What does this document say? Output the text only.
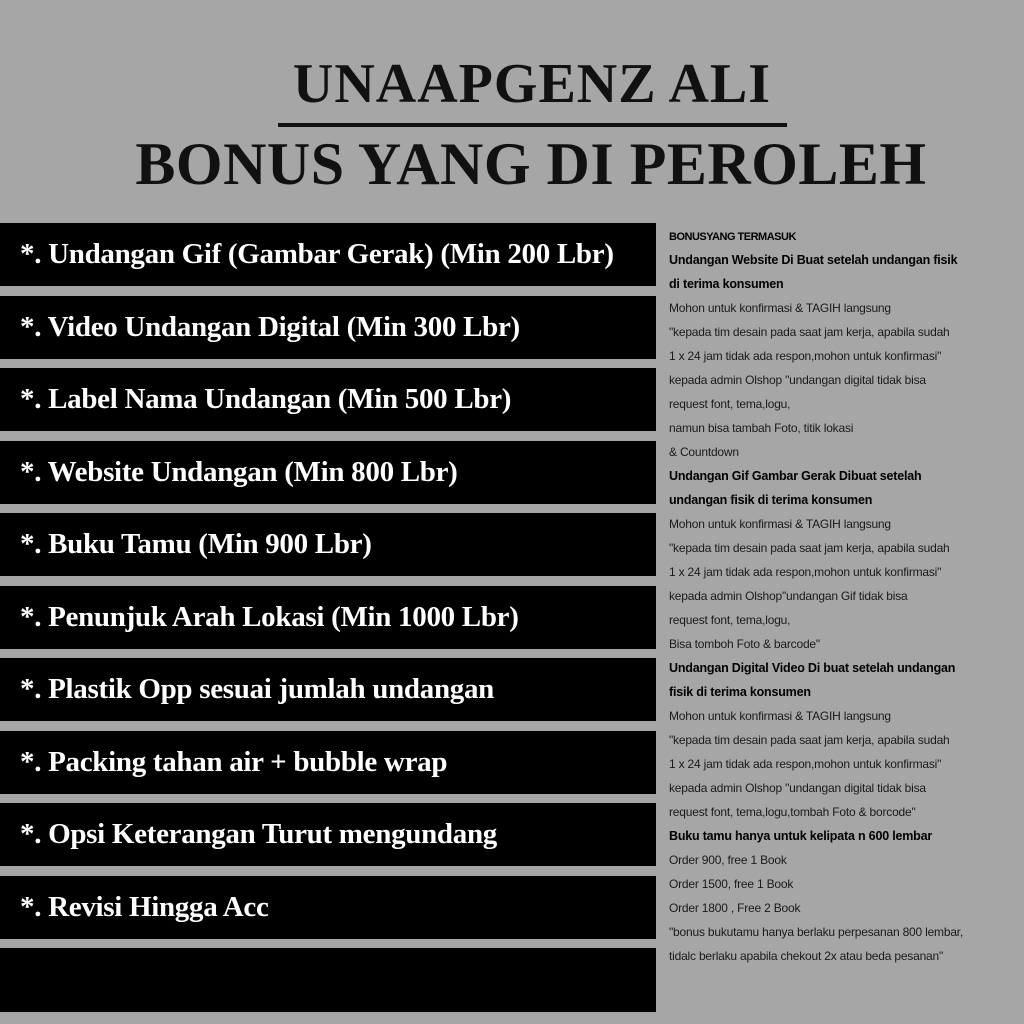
UNAAPGENZ ALI
BONUS YANG DI PEROLEH
*. Undangan Gif (Gambar Gerak) (Min 200 Lbr)
*. Video Undangan Digital (Min 300 Lbr)
*. Label Nama Undangan (Min 500 Lbr)
*. Website Undangan (Min 800 Lbr)
*. Buku Tamu (Min 900 Lbr)
*. Penunjuk Arah Lokasi (Min 1000 Lbr)
*. Plastik Opp sesuai jumlah undangan
*. Packing tahan air + bubble wrap
*. Opsi Keterangan Turut mengundang
*. Revisi Hingga Acc
BONUSYANG TERMASUK
Undangan Website Di Buat setelah undangan fisik
di terima konsumen
Mohon untuk konfirmasi & TAGIH langsung
"kepada tim desain pada saat jam kerja, apabila sudah
1 x 24 jam tidak ada respon,mohon untuk konfirmasi"
kepada admin Olshop "undangan digital tidak bisa
request font, tema,logu,
namun bisa tambah Foto, titik lokasi
& Countdown
Undangan Gif Gambar Gerak Dibuat setelah
undangan fisik di terima konsumen
Mohon untuk konfirmasi & TAGIH langsung
"kepada tim desain pada saat jam kerja, apabila sudah
1 x 24 jam tidak ada respon,mohon untuk konfirmasi"
kepada admin Olshop"undangan Gif tidak bisa
request font, tema,logu,
Bisa tomboh Foto & barcode"
Undangan Digital Video Di buat setelah undangan
fisik di terima konsumen
Mohon untuk konfirmasi & TAGIH langsung
"kepada tim desain pada saat jam kerja, apabila sudah
1 x 24 jam tidak ada respon,mohon untuk konfirmasi"
kepada admin Olshop "undangan digital tidak bisa
request font, tema,logu,tombah Foto & borcode"
Buku tamu hanya untuk kelipata n 600 lembar
Order 900, free 1 Book
Order 1500, free 1 Book
Order 1800 , Free 2 Book
"bonus bukutamu hanya berlaku perpesanan 800 lembar,
tidalc berlaku apabila chekout 2x atau beda pesanan"
